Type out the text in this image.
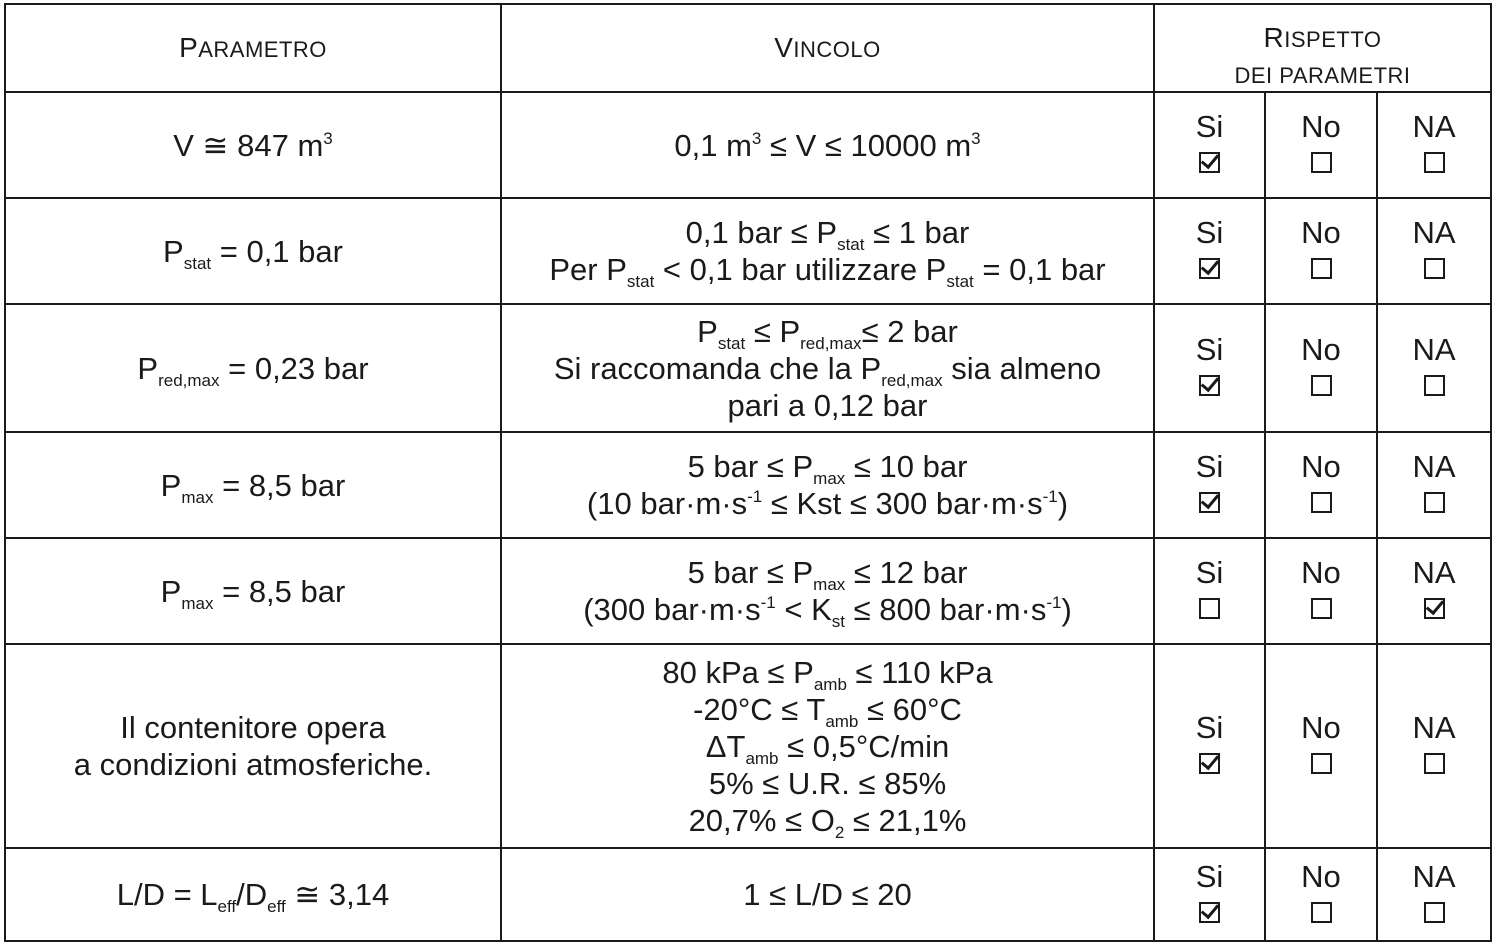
PARAMETRO	VINCOLO	RISPETTO		
		DEI PARAMETRI		
V ≅ 847 $m^3$	0,1 $m^3 \le V \le 10000$ $m^3$	Si	No	NA

$P_{stat} = 0,1$ bar	0,1 bar ≤ $P_{stat} \le 1$ bar
Per $P_{stat} < 0,1$ bar utilizzare $P_{stat} = 0,1$ bar	Si	No	NA

$P_{red,max} = 0,23$ bar	$P_{stat} \le P_{red,max}\le 2$ bar
Si raccomanda che la $P_{red,max}$ sia almeno
pari a 0,12 bar	Si	No	NA

$P_{max} = 8,5$ bar	5 bar ≤ $P_{max} \le 10$ bar
(10 $bar\cdot m\cdot s^{-1}$ ≤ Kst ≤ 300 $bar\cdot m\cdot s^{-1}$)	Si	No	NA

$P_{max} = 8,5$ bar	5 bar ≤ $P_{max} \le 12$ bar
(300 $bar\cdot m\cdot s^{-1} < K_{st} \le 800$ $bar\cdot m\cdot s^{-1}$)	Si	No	NA

Il contenitore opera
a condizioni atmosferiche.	80 kPa ≤ $P_{amb} \le 110$ kPa
$-20^\circ C \le T_{amb} \le 60^\circ C$
$\Delta T_{amb} \le 0,5^\circ C/\min$
5% ≤ U.R. ≤ 85%
$20,7\% \le O_2 \le 21,1\%$	Si	No	NA

$L/D = L_{eff}/D_{eff}$ ≅ 3,14	1 ≤ L/D ≤ 20	Si	No	NA
